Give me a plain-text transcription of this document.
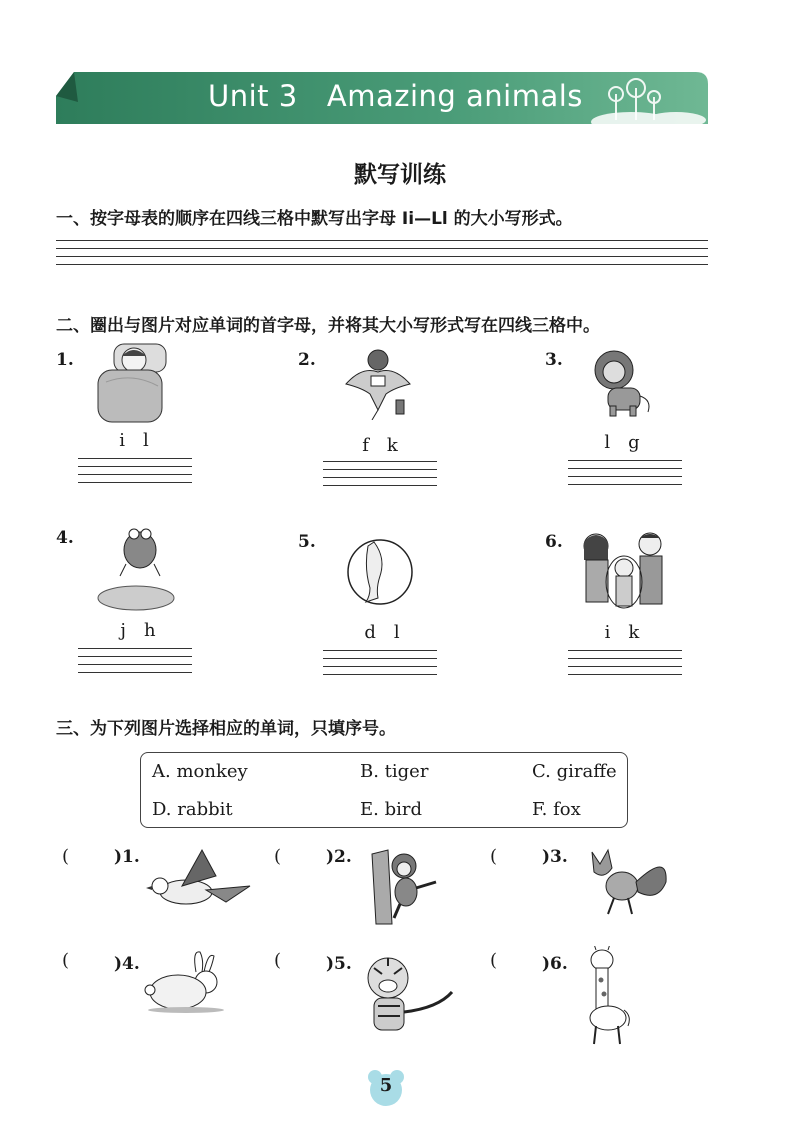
Unit 3 Amazing animals
默写训练
一、按字母表的顺序在四线三格中默写出字母 Ii—Ll 的大小写形式。
二、圈出与图片对应单词的首字母，并将其大小写形式写在四线三格中。
1.
i l
2.
f k
3.
l g
4.
j h
5.
d l
6.
i k
三、为下列图片选择相应的单词，只填序号。
A. monkey	B. tiger	C. giraffe
D. rabbit	E. bird	F. fox
(	)1.	(	)2.	(	)3.
(	)4.	(	)5.	(	)6.
5
